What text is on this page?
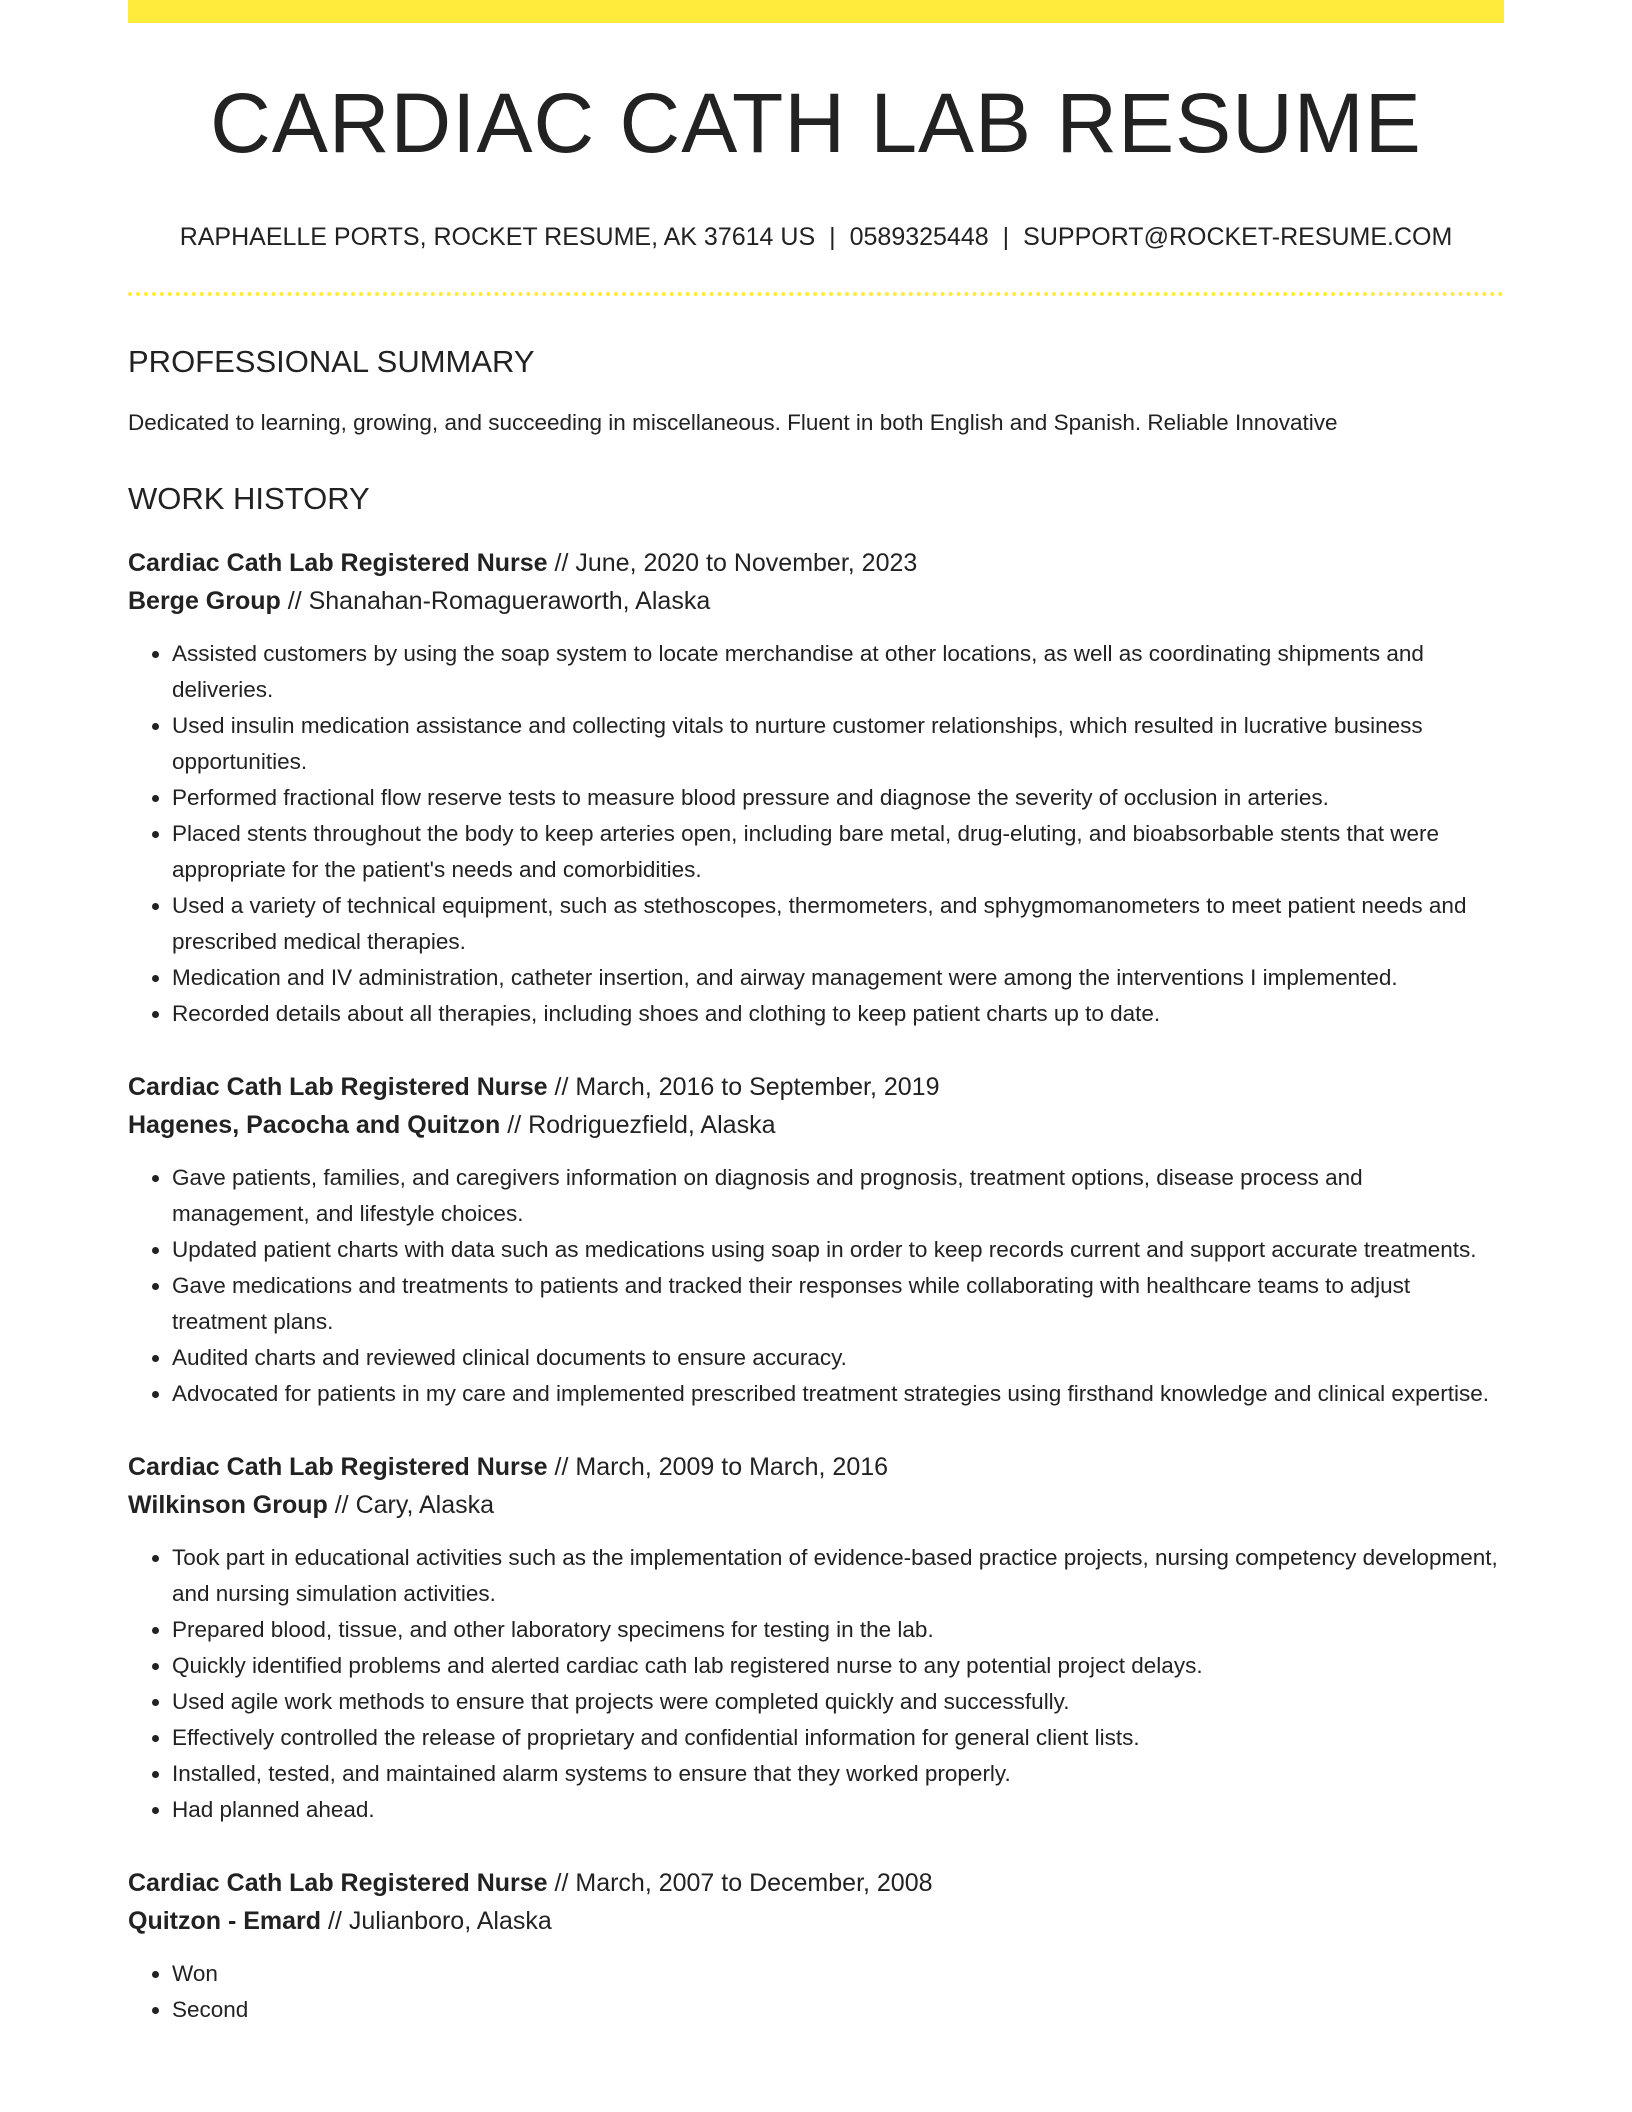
CARDIAC CATH LAB RESUME
RAPHAELLE PORTS, ROCKET RESUME, AK 37614 US | 0589325448 | SUPPORT@ROCKET-RESUME.COM
PROFESSIONAL SUMMARY

Dedicated to learning, growing, and succeeding in miscellaneous. Fluent in both English and Spanish. Reliable Innovative

WORK HISTORY
Cardiac Cath Lab Registered Nurse // June, 2020 to November, 2023
Berge Group // Shanahan-Romagueraworth, Alaska
• Assisted customers by using the soap system to locate merchandise at other locations, as well as coordinating shipments and deliveries.
• Used insulin medication assistance and collecting vitals to nurture customer relationships, which resulted in lucrative business opportunities.
• Performed fractional flow reserve tests to measure blood pressure and diagnose the severity of occlusion in arteries.
• Placed stents throughout the body to keep arteries open, including bare metal, drug-eluting, and bioabsorbable stents that were appropriate for the patient's needs and comorbidities.
• Used a variety of technical equipment, such as stethoscopes, thermometers, and sphygmomanometers to meet patient needs and prescribed medical therapies.
• Medication and IV administration, catheter insertion, and airway management were among the interventions I implemented.
• Recorded details about all therapies, including shoes and clothing to keep patient charts up to date.
Cardiac Cath Lab Registered Nurse // March, 2016 to September, 2019
Hagenes, Pacocha and Quitzon // Rodriguezfield, Alaska
• Gave patients, families, and caregivers information on diagnosis and prognosis, treatment options, disease process and management, and lifestyle choices.
• Updated patient charts with data such as medications using soap in order to keep records current and support accurate treatments.
• Gave medications and treatments to patients and tracked their responses while collaborating with healthcare teams to adjust treatment plans.
• Audited charts and reviewed clinical documents to ensure accuracy.
• Advocated for patients in my care and implemented prescribed treatment strategies using firsthand knowledge and clinical expertise.
Cardiac Cath Lab Registered Nurse // March, 2009 to March, 2016
Wilkinson Group // Cary, Alaska
• Took part in educational activities such as the implementation of evidence-based practice projects, nursing competency development, and nursing simulation activities.
• Prepared blood, tissue, and other laboratory specimens for testing in the lab.
• Quickly identified problems and alerted cardiac cath lab registered nurse to any potential project delays.
• Used agile work methods to ensure that projects were completed quickly and successfully.
• Effectively controlled the release of proprietary and confidential information for general client lists.
• Installed, tested, and maintained alarm systems to ensure that they worked properly.
• Had planned ahead.
Cardiac Cath Lab Registered Nurse // March, 2007 to December, 2008
Quitzon - Emard // Julianboro, Alaska
• Won
• Second
